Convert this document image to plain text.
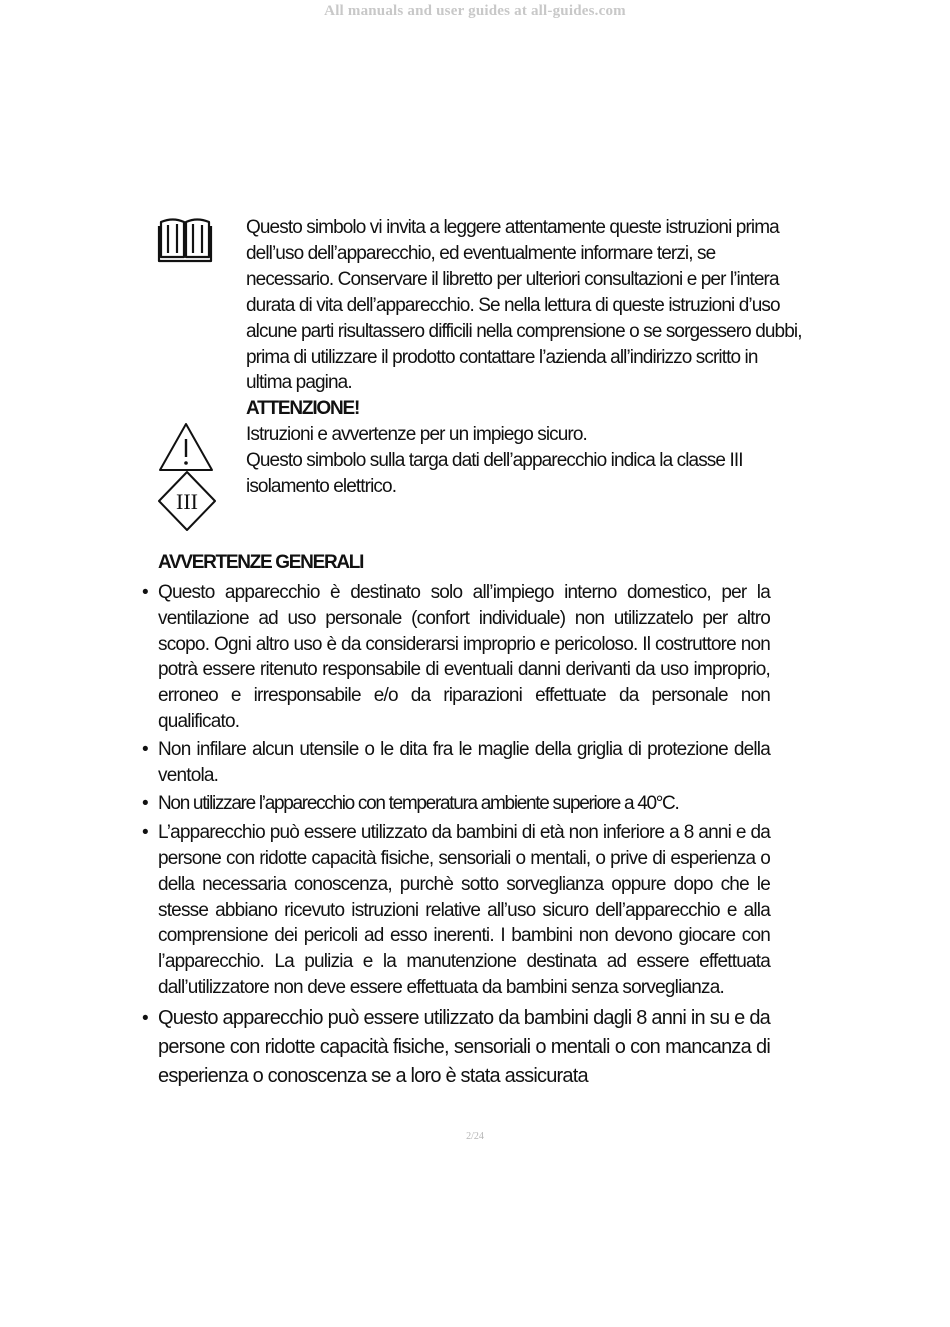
All manuals and user guides at all-guides.com
III

Questo simbolo vi invita a leggere attentamente queste istruzioni prima dell’uso dell’apparecchio, ed eventualmente informare terzi, se necessario. Conservare il libretto per ulteriori consultazioni e per l’intera durata di vita dell’apparecchio. Se nella lettura di queste istruzioni d’uso alcune parti risultassero difficili nella comprensione o se sorgessero dubbi, prima di utilizzare il prodotto contattare l’azienda all’indirizzo scritto in ultima pagina.

ATTENZIONE!

Istruzioni e avvertenze per un impiego sicuro.

Questo simbolo sulla targa dati dell’apparecchio indica la classe III isolamento elettrico.

AVVERTENZE GENERALI
• Questo apparecchio è destinato solo all’impiego interno domestico, per la ventilazione ad uso personale (confort individuale) non utilizzatelo per altro scopo. Ogni altro uso è da considerarsi improprio e pericoloso. Il costruttore non potrà essere ritenuto responsabile di eventuali danni derivanti da uso improprio, erroneo e irresponsabile e/o da riparazioni effettuate da personale non qualificato.
• Non infilare alcun utensile o le dita fra le maglie della griglia di protezione della ventola.
• Non utilizzare l’apparecchio con temperatura ambiente superiore a 40°C.
• L’apparecchio può essere utilizzato da bambini di età non inferiore a 8 anni e da persone con ridotte capacità fisiche, sensoriali o mentali, o prive di esperienza o della necessaria conoscenza, purchè sotto sorveglianza oppure dopo che le stesse abbiano ricevuto istruzioni relative all’uso sicuro dell’apparecchio e alla comprensione dei pericoli ad esso inerenti. I bambini non devono giocare con l’apparecchio. La pulizia e la manutenzione destinata ad essere effettuata dall’utilizzatore non deve essere effettuata da bambini senza sorveglianza.
• Questo apparecchio può essere utilizzato da bambini dagli 8 anni in su e da persone con ridotte capacità fisiche, sensoriali o mentali o con mancanza di esperienza o conoscenza se a loro è stata assicurata
2/24
